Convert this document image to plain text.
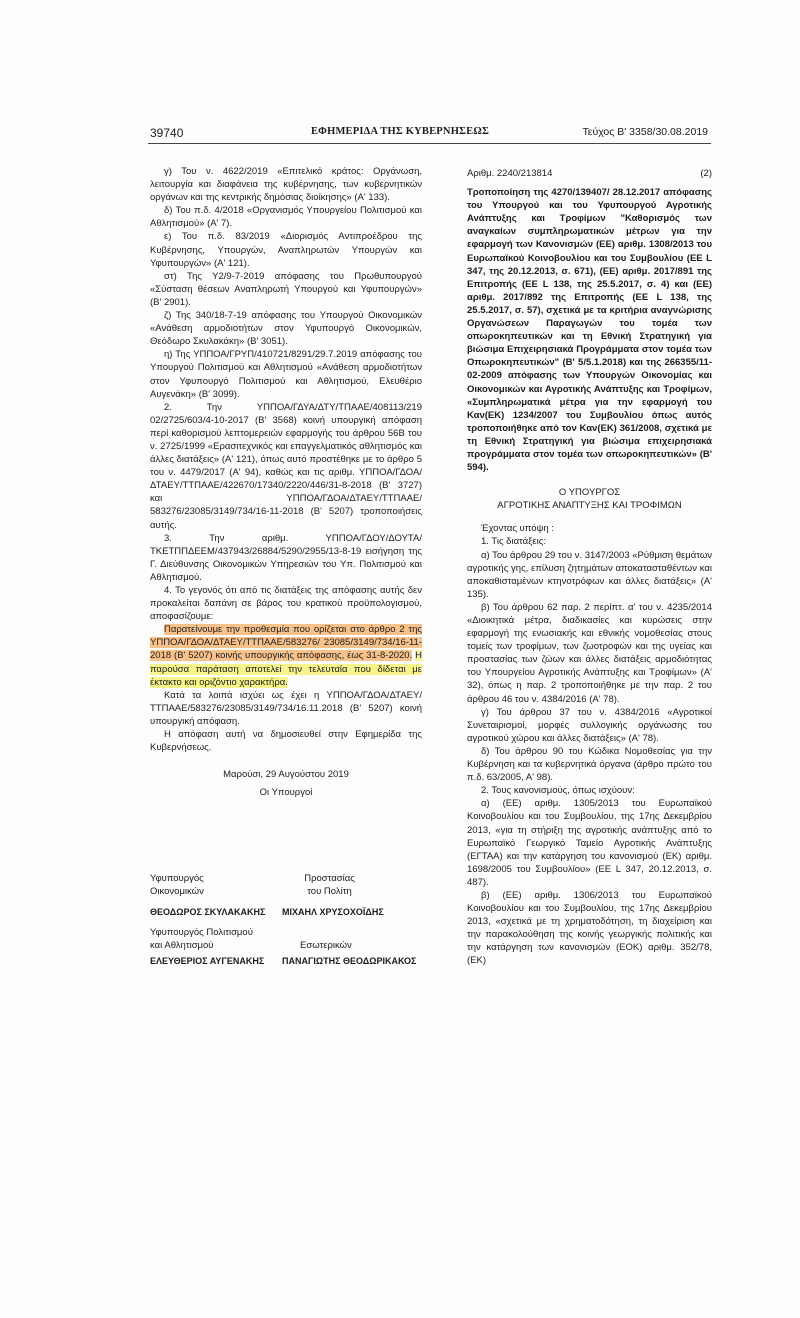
39740	ΕΦΗΜΕΡΙΔΑ ΤΗΣ ΚΥΒΕΡΝΗΣΕΩΣ	Τεύχος Β' 3358/30.08.2019

γ) Του ν. 4622/2019 «Επιτελικό κράτος: Οργάνωση, λειτουργία και διαφάνεια της κυβέρνησης, των κυβερνητικών οργάνων και της κεντρικής δημόσιας διοίκησης» (Α' 133).

δ) Του π.δ. 4/2018 «Οργανισμός Υπουργείου Πολιτισμού και Αθλητισμού» (Α' 7).

ε) Του π.δ. 83/2019 «Διορισμός Αντιπροέδρου της Κυβέρνησης, Υπουργών, Αναπληρωτών Υπουργών και Υφυπουργών» (Α' 121).

στ) Της Υ2/9-7-2019 απόφασης του Πρωθυπουργού «Σύσταση θέσεων Αναπληρωτή Υπουργού και Υφυπουργών» (Β' 2901).

ζ) Της 340/18-7-19 απόφασης του Υπουργού Οικονομικών «Ανάθεση αρμοδιοτήτων στον Υφυπουργό Οικονομικών, Θεόδωρο Σκυλακάκη» (Β' 3051).

η) Της ΥΠΠΟΑ/ΓΡΥΠ/410721/8291/29.7.2019 απόφασης του Υπουργού Πολιτισμού και Αθλητισμού «Ανάθεση αρμοδιοτήτων στον Υφυπουργό Πολιτισμού και Αθλητισμού, Ελευθέριο Αυγενάκη» (Β' 3099).

2. Την ΥΠΠΟΑ/ΓΔΥΑ/ΔΤΥ/ΤΠΑΑΕ/408113/219 02/2725/603/4-10-2017 (Β' 3568) κοινή υπουργική απόφαση περί καθορισμού λεπτομερειών εφαρμογής του άρθρου 56Β του ν. 2725/1999 «Ερασιτεχνικός και επαγγελματικός αθλητισμός και άλλες διατάξεις» (Α' 121), όπως αυτό προστέθηκε με το άρθρο 5 του ν. 4479/2017 (Α' 94), καθώς και τις αριθμ. ΥΠΠΟΑ/ΓΔΟΑ/ ΔΤΑΕΥ/ΤΤΠΑΑΕ/422670/17340/2220/446/31-8-2018 (Β' 3727) και ΥΠΠΟΑ/ΓΔΟΑ/ΔΤΑΕΥ/ΤΤΠΑΑΕ/ 583276/23085/3149/734/16-11-2018 (Β' 5207) τροποποιήσεις αυτής.

3. Την αριθμ. ΥΠΠΟΑ/ΓΔΟΥ/ΔΟΥΤΑ/ΤΚΕΤΠΠΔΕΕΜ/437943/26884/5290/2955/13-8-19 εισήγηση της Γ. Διεύθυνσης Οικονομικών Υπηρεσιών του Υπ. Πολιτισμού και Αθλητισμού.

4. Το γεγονός ότι από τις διατάξεις της απόφασης αυτής δεν προκαλείται δαπάνη σε βάρος του κρατικού προϋπολογισμού, αποφασίζουμε:

Παρατείνουμε την προθεσμία που ορίζεται στο άρθρο 2 της ΥΠΠΟΑ/ΓΔΟΑ/ΔΤΑΕΥ/ΤΤΠΑΑΕ/583276/ 23085/3149/734/16-11-2018 (Β' 5207) κοινής υπουργικής απόφασης, έως 31-8-2020. Η παρούσα παράταση αποτελεί την τελευταία που δίδεται με έκτακτο και οριζόντιο χαρακτήρα.

Κατά τα λοιπά ισχύει ως έχει η ΥΠΠΟΑ/ΓΔΟΑ/ΔΤΑΕΥ/ΤΤΠΑΑΕ/583276/23085/3149/734/16.11.2018 (Β' 5207) κοινή υπουργική απόφαση.

Η απόφαση αυτή να δημοσιευθεί στην Εφημερίδα της Κυβερνήσεως.

Μαρούσι, 29 Αυγούστου 2019

Οι Υπουργοί

Υφυπουργός
Οικονομικών
ΘΕΟΔΩΡΟΣ ΣΚΥΛΑΚΑΚΗΣ
Προστασίας
του Πολίτη
ΜΙΧΑΗΛ ΧΡΥΣΟΧΟΪΔΗΣ
Υφυπουργός Πολιτισμού
και Αθλητισμού
ΕΛΕΥΘΕΡΙΟΣ ΑΥΓΕΝΑΚΗΣ
Εσωτερικών
ΠΑΝΑΓΙΩΤΗΣ ΘΕΟΔΩΡΙΚΑΚΟΣ
Αριθμ. 2240/213814	(2)

Τροποποίηση της 4270/139407/ 28.12.2017 απόφασης του Υπουργού και του Υφυπουργού Αγροτικής Ανάπτυξης και Τροφίμων "Καθορισμός των αναγκαίων συμπληρωματικών μέτρων για την εφαρμογή των Κανονισμών (ΕΕ) αριθμ. 1308/2013 του Ευρωπαϊκού Κοινοβουλίου και του Συμβουλίου (ΕΕ L 347, της 20.12.2013, σ. 671), (ΕΕ) αριθμ. 2017/891 της Επιτροπής (ΕΕ L 138, της 25.5.2017, σ. 4) και (ΕΕ) αριθμ. 2017/892 της Επιτροπής (ΕΕ L 138, της 25.5.2017, σ. 57), σχετικά με τα κριτήρια αναγνώρισης Οργανώσεων Παραγωγών του τομέα των οπωροκηπευτικών και τη Εθνική Στρατηγική για βιώσιμα Επιχειρησιακά Προγράμματα στον τομέα των Οπωροκηπευτικών" (Β' 5/5.1.2018) και της 266355/11-02-2009 απόφασης των Υπουργών Οικονομίας και Οικονομικών και Αγροτικής Ανάπτυξης και Τροφίμων, «Συμπληρωματικά μέτρα για την εφαρμογή του Καν(ΕΚ) 1234/2007 του Συμβουλίου όπως αυτός τροποποιήθηκε από τον Καν(ΕΚ) 361/2008, σχετικά με τη Εθνική Στρατηγική για βιώσιμα επιχειρησιακά προγράμματα στον τομέα των οπωροκηπευτικών» (Β' 594).

Ο ΥΠΟΥΡΓΟΣ

ΑΓΡΟΤΙΚΗΣ ΑΝΑΠΤΥΞΗΣ ΚΑΙ ΤΡΟΦΙΜΩΝ

Έχοντας υπόψη :

1. Τις διατάξεις:

α) Του άρθρου 29 του ν. 3147/2003 «Ρύθμιση θεμάτων αγροτικής γης, επίλυση ζητημάτων αποκατασταθέντων και αποκαθισταμένων κτηνοτρόφων και άλλες διατάξεις» (Α' 135).

β) Του άρθρου 62 παρ. 2 περίπτ. α' του ν. 4235/2014 «Διοικητικά μέτρα, διαδικασίες και κυρώσεις στην εφαρμογή της ενωσιακής και εθνικής νομοθεσίας στους τομείς των τροφίμων, των ζωοτροφών και της υγείας και προστασίας των ζώων και άλλες διατάξεις αρμοδιότητας του Υπουργείου Αγροτικής Ανάπτυξης και Τροφίμων» (Α' 32), όπως η παρ. 2 τροποποιήθηκε με την παρ. 2 του άρθρου 46 του ν. 4384/2016 (Α' 78).

γ) Του άρθρου 37 του ν. 4384/2016 «Αγροτικοί Συνεταιρισμοί, μορφές συλλογικής οργάνωσης του αγροτικού χώρου και άλλες διατάξεις» (Α' 78).

δ) Του άρθρου 90 του Κώδικα Νομοθεσίας για την Κυβέρνηση και τα κυβερνητικά όργανα (άρθρο πρώτο του π.δ. 63/2005, Α' 98).

2. Τους κανονισμούς, όπως ισχύουν:

α) (ΕΕ) αριθμ. 1305/2013 του Ευρωπαϊκού Κοινοβουλίου και του Συμβουλίου, της 17ης Δεκεμβρίου 2013, «για τη στήριξη της αγροτικής ανάπτυξης από το Ευρωπαϊκό Γεωργικό Ταμείο Αγροτικής Ανάπτυξης (ΕΓΤΑΑ) και την κατάργηση του κανονισμού (ΕΚ) αριθμ. 1698/2005 του Συμβουλίου» (ΕΕ L 347, 20.12.2013, σ. 487).

β) (ΕΕ) αριθμ. 1306/2013 του Ευρωπαϊκού Κοινοβουλίου και του Συμβουλίου, της 17ης Δεκεμβρίου 2013, «σχετικά με τη χρηματοδότηση, τη διαχείριση και την παρακολούθηση της κοινής γεωργικής πολιτικής και την κατάργηση των κανονισμών (ΕΟΚ) αριθμ. 352/78, (ΕΚ)
